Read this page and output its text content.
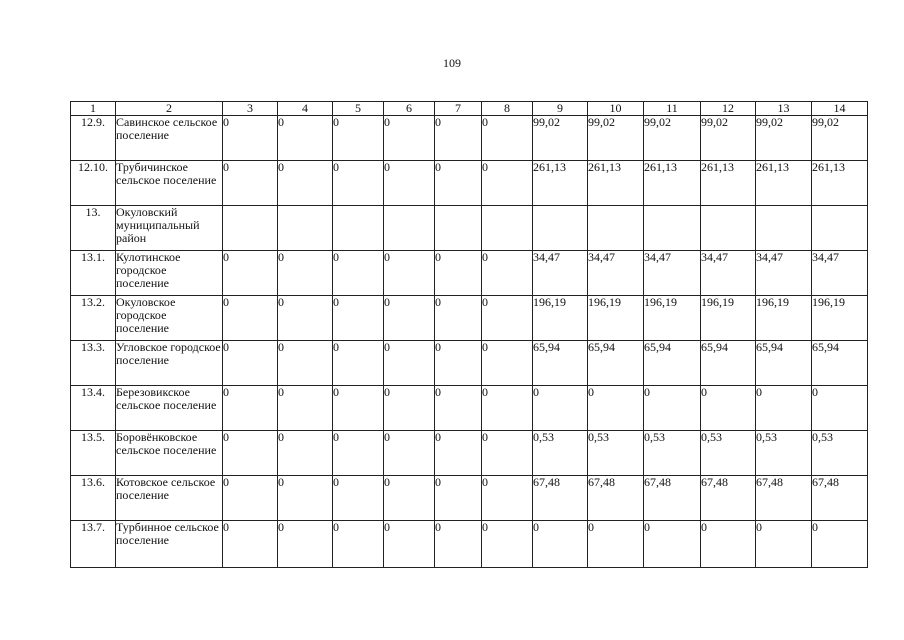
109
1	2	3	4	5	6	7	8	9	10	11	12	13	14
12.9.	Савинское сельское поселение	0	0	0	0	0	0	99,02	99,02	99,02	99,02	99,02	99,02
12.10.	Трубичинское сельское поселение	0	0	0	0	0	0	261,13	261,13	261,13	261,13	261,13	261,13
13.	Окуловский муниципальный район												
13.1.	Кулотинское городское поселение	0	0	0	0	0	0	34,47	34,47	34,47	34,47	34,47	34,47
13.2.	Окуловское городское поселение	0	0	0	0	0	0	196,19	196,19	196,19	196,19	196,19	196,19
13.3.	Угловское городское поселение	0	0	0	0	0	0	65,94	65,94	65,94	65,94	65,94	65,94
13.4.	Березовикское сельское поселение	0	0	0	0	0	0	0	0	0	0	0	0
13.5.	Боровёнковское сельское поселение	0	0	0	0	0	0	0,53	0,53	0,53	0,53	0,53	0,53
13.6.	Котовское сельское поселение	0	0	0	0	0	0	67,48	67,48	67,48	67,48	67,48	67,48
13.7.	Турбинное сельское поселение	0	0	0	0	0	0	0	0	0	0	0	0
